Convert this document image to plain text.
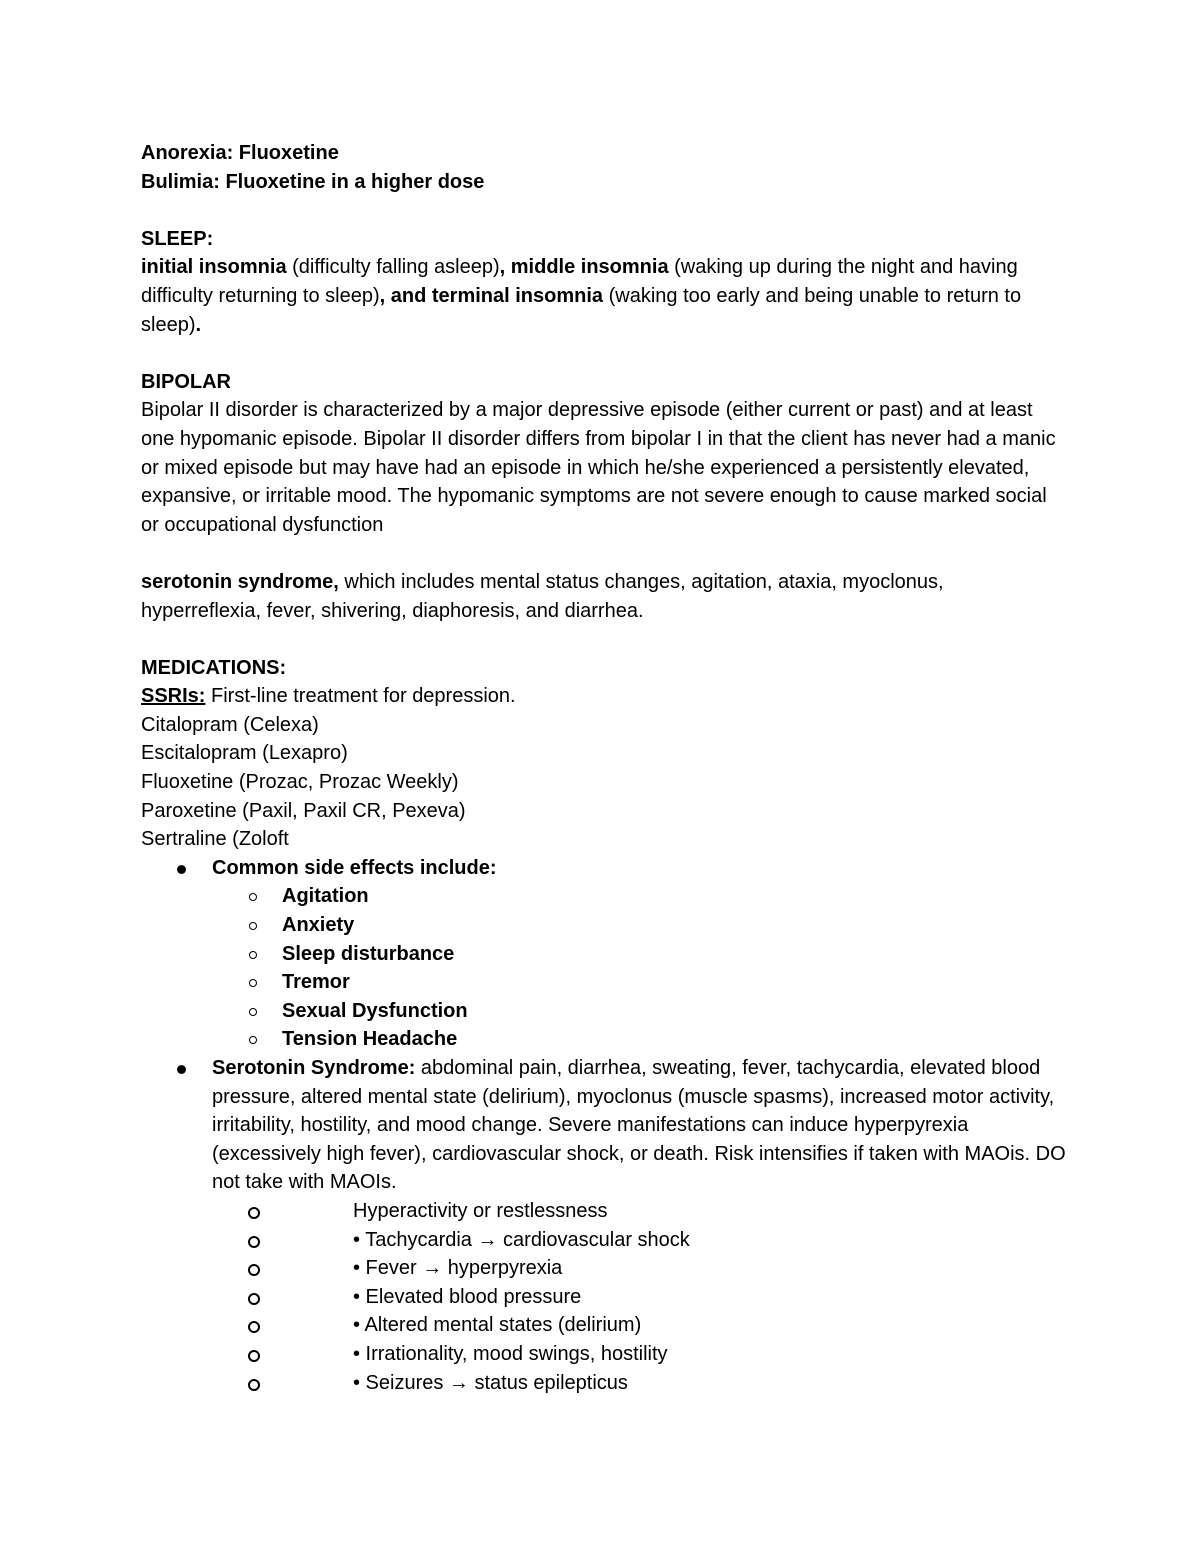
Anorexia: Fluoxetine

Bulimia: Fluoxetine in a higher dose

SLEEP:

initial insomnia (difficulty falling asleep), middle insomnia (waking up during the night and having difficulty returning to sleep), and terminal insomnia (waking too early and being unable to return to sleep).

BIPOLAR

Bipolar II disorder is characterized by a major depressive episode (either current or past) and at least one hypomanic episode. Bipolar II disorder differs from bipolar I in that the client has never had a manic or mixed episode but may have had an episode in which he/she experienced a persistently elevated, expansive, or irritable mood. The hypomanic symptoms are not severe enough to cause marked social or occupational dysfunction

serotonin syndrome, which includes mental status changes, agitation, ataxia, myoclonus, hyperreflexia, fever, shivering, diaphoresis, and diarrhea.

MEDICATIONS:

SSRIs: First-line treatment for depression.

Citalopram (Celexa)

Escitalopram (Lexapro)

Fluoxetine (Prozac, Prozac Weekly)

Paroxetine (Paxil, Paxil CR, Pexeva)

Sertraline (Zoloft

Common side effects include:
Agitation
Anxiety
Sleep disturbance
Tremor
Sexual Dysfunction
Tension Headache
Serotonin Syndrome: abdominal pain, diarrhea, sweating, fever, tachycardia, elevated blood pressure, altered mental state (delirium), myoclonus (muscle spasms), increased motor activity, irritability, hostility, and mood change. Severe manifestations can induce hyperpyrexia (excessively high fever), cardiovascular shock, or death. Risk intensifies if taken with MAOis. DO not take with MAOIs.
Hyperactivity or restlessness
• Tachycardia → cardiovascular shock
• Fever → hyperpyrexia
• Elevated blood pressure
• Altered mental states (delirium)
• Irrationality, mood swings, hostility
• Seizures → status epilepticus
